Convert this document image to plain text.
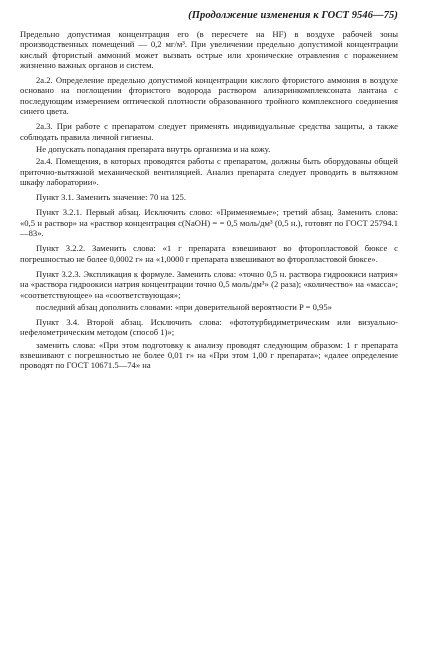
(Продолжение изменения к ГОСТ 9546—75)

Предельно допустимая концентрация его (в пересчете на HF) в воздухе рабочей зоны производственных помещений — 0,2 мг/м³. При увеличении предельно допустимой концентрации кислый фтористый аммоний может вызвать острые или хронические отравления с поражением жизненно важных органов и систем.

2а.2. Определение предельно допустимой концентрации кислого фтористого аммония в воздухе основано на поглощении фтористого водорода раствором ализаринкомплексоната лантана с последующим измерением оптической плотности образованного тройного комплексного соединения синего цвета.

2а.3. При работе с препаратом следует применять индивидуальные средства защиты, а также соблюдать правила личной гигиены.

Не допускать попадания препарата внутрь организма и на кожу.

2а.4. Помещения, в которых проводятся работы с препаратом, должны быть оборудованы общей приточно-вытяжной механической вентиляцией. Анализ препарата следует проводить в вытяжном шкафу лаборатории».

Пункт 3.1. Заменить значение: 70 на 125.

Пункт 3.2.1. Первый абзац. Исключить слово: «Применяемые»; третий абзац. Заменить слова: «0,5 н раствор» на «раствор концентрация с(NaOH) = = 0,5 моль/дм³ (0,5 н.), готовят по ГОСТ 25794.1—83».

Пункт 3.2.2. Заменить слова: «1 г препарата взвешивают во фторопластовой бюксе с погрешностью не более 0,0002 г» на «1,0000 г препарата взвешивают во фторопластовой бюксе».

Пункт 3.2.3. Экспликация к формуле. Заменить слова: «точно 0,5 н. раствора гидроокиси натрия» на «раствора гидроокиси натрия концентрации точно 0,5 моль/дм³» (2 раза); «количество» на «масса»; «соответствующее» на «соответствующая»;

последний абзац дополнить словами: «при доверительной вероятности P = 0,95»

Пункт 3.4. Второй абзац. Исключить слова: «фототурбидиметрическим или визуально-нефелометрическим методом (способ 1)»;

заменить слова: «При этом подготовку к анализу проводят следующим образом: 1 г препарата взвешивают с погрешностью не более 0,01 г» на «При этом 1,00 г препарата»; «далее определение проводят по ГОСТ 10671.5—74» на
